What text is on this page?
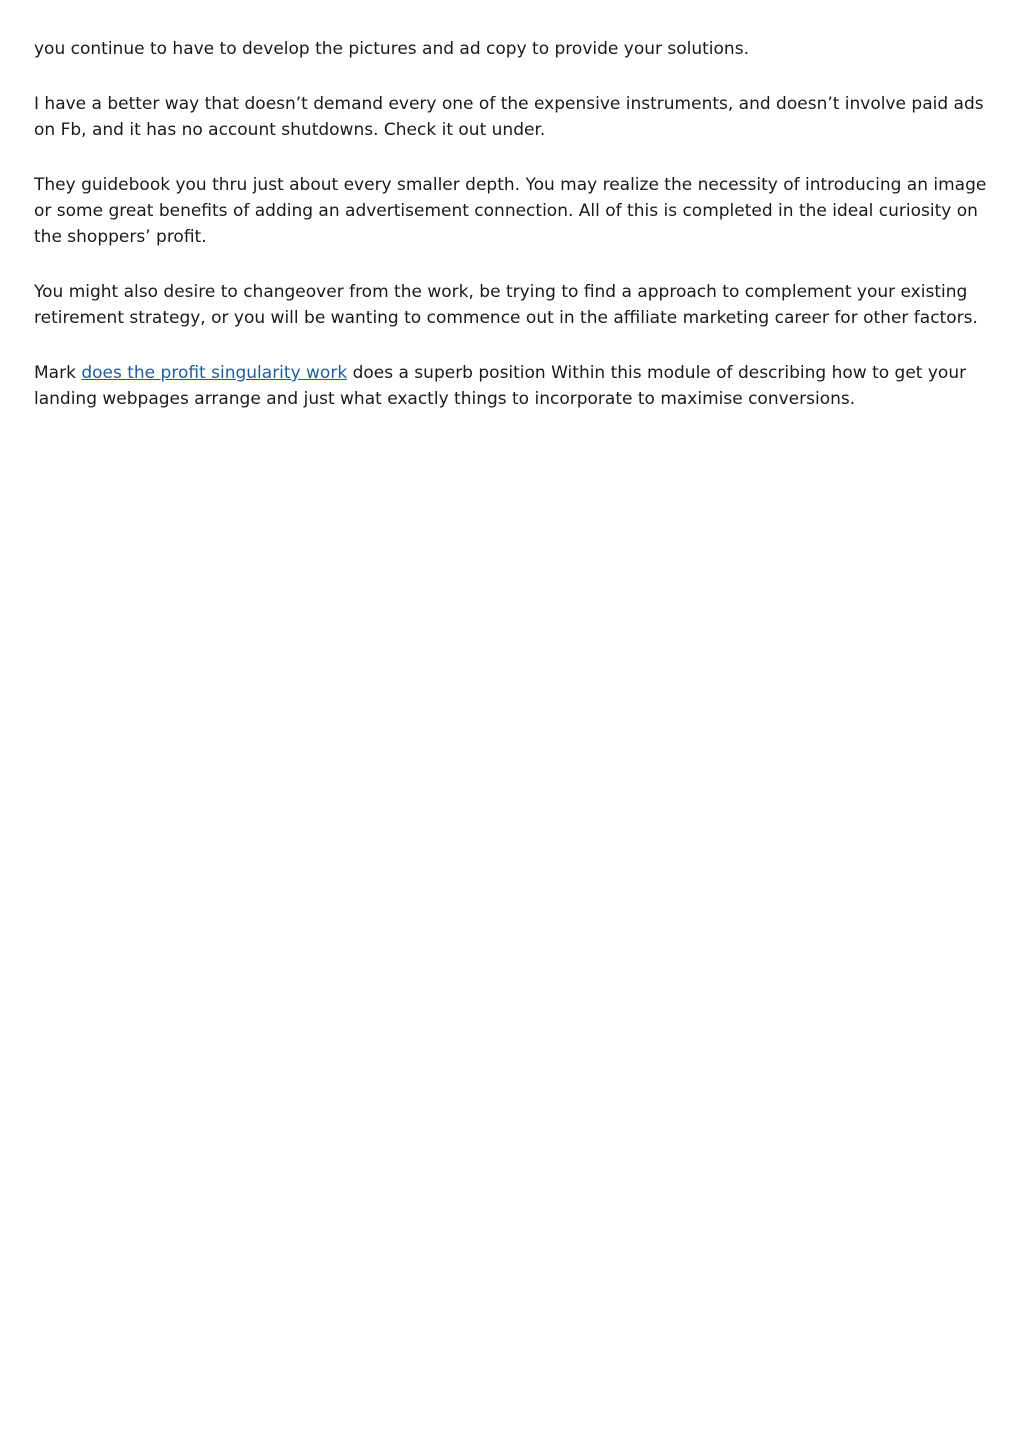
you continue to have to develop the pictures and ad copy to provide your solutions.

I have a better way that doesn’t demand every one of the expensive instruments, and doesn’t involve paid ads on Fb, and it has no account shutdowns. Check it out under.

They guidebook you thru just about every smaller depth. You may realize the necessity of introducing an image or some great benefits of adding an advertisement connection. All of this is completed in the ideal curiosity on the shoppers’ profit.

You might also desire to changeover from the work, be trying to find a approach to complement your existing retirement strategy, or you will be wanting to commence out in the affiliate marketing career for other factors.

Mark does the profit singularity work does a superb position Within this module of describing how to get your landing webpages arrange and just what exactly things to incorporate to maximise conversions.
